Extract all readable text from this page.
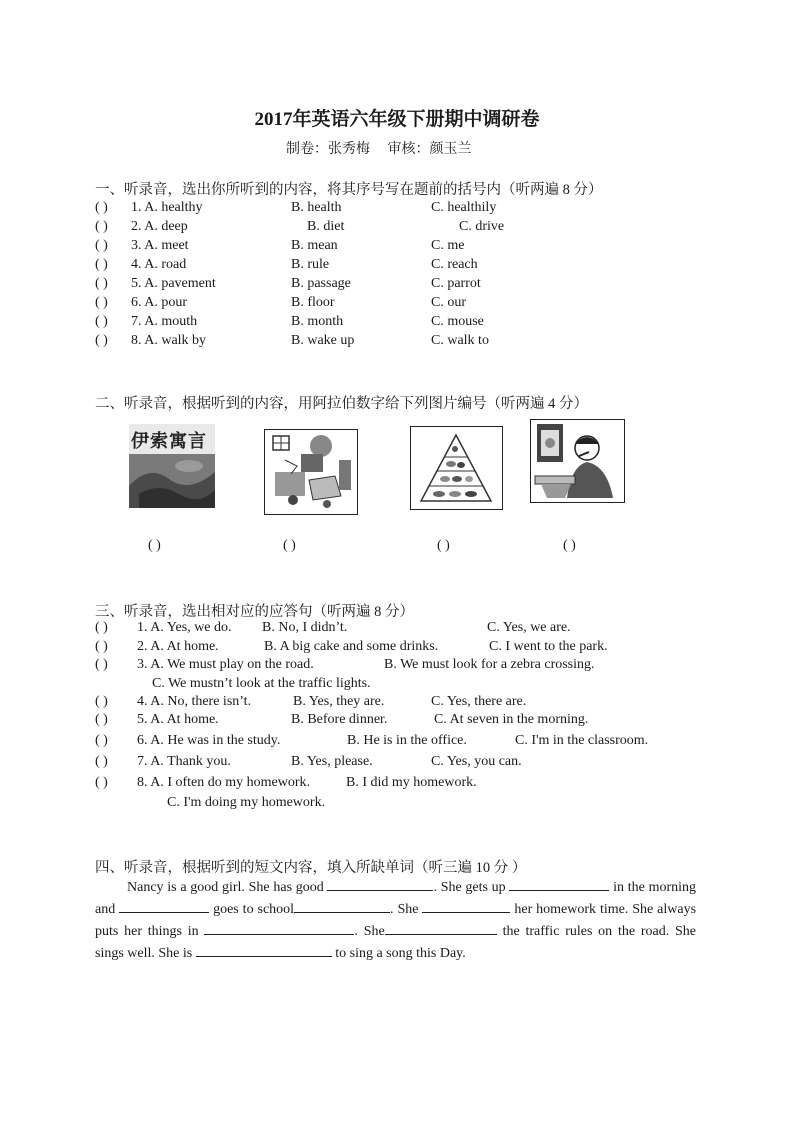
2017年英语六年级下册期中调研卷
制卷：张秀梅 审核：颜玉兰
一、听录音，选出你所听到的内容，将其序号写在题前的括号内（听两遍 8 分）
( ) 1. A. healthy	B. health	C. healthily
( ) 2. A. deep	B. diet	C. drive
( ) 3. A. meet	B. mean	C. me
( ) 4. A. road	B. rule	C. reach
( ) 5. A. pavement	B. passage	C. parrot
( ) 6. A. pour	B. floor	C. our
( ) 7. A. mouth	B. month	C. mouse
( ) 8. A. walk by	B. wake up	C. walk to
二、听录音，根据听到的内容，用阿拉伯数字给下列图片编号（听两遍 4 分）
伊索寓言
( )	( )	( )	( )
三、听录音，选出相对应的应答句（听两遍 8 分）
( ) 1. A. Yes, we do. B. No, I didn’t.	C. Yes, we are.
( ) 2. A. At home.	B. A big cake and some drinks.	C. I went to the park.
( ) 3. A. We must play on the road.	B. We must look for a zebra crossing.
C. We mustn’t look at the traffic lights.
( ) 4. A. No, there isn’t.	B. Yes, they are.	C. Yes, there are.
( ) 5. A. At home.	B. Before dinner.	C. At seven in the morning.
( ) 6. A. He was in the study.	B. He is in the office.	C. I'm in the classroom.
( ) 7. A. Thank you.	B. Yes, please.	C. Yes, you can.
( ) 8. A. I often do my homework.	B. I did my homework.
C. I'm doing my homework.
四、听录音，根据听到的短文内容，填入所缺单词（听三遍 10 分 ）
Nancy is a good girl. She has good	. She gets up	in the morning and	goes to school	. She	her homework time. She always puts her things in	. She	the traffic rules on the road. She sings well. She is	to sing a song this Day.
